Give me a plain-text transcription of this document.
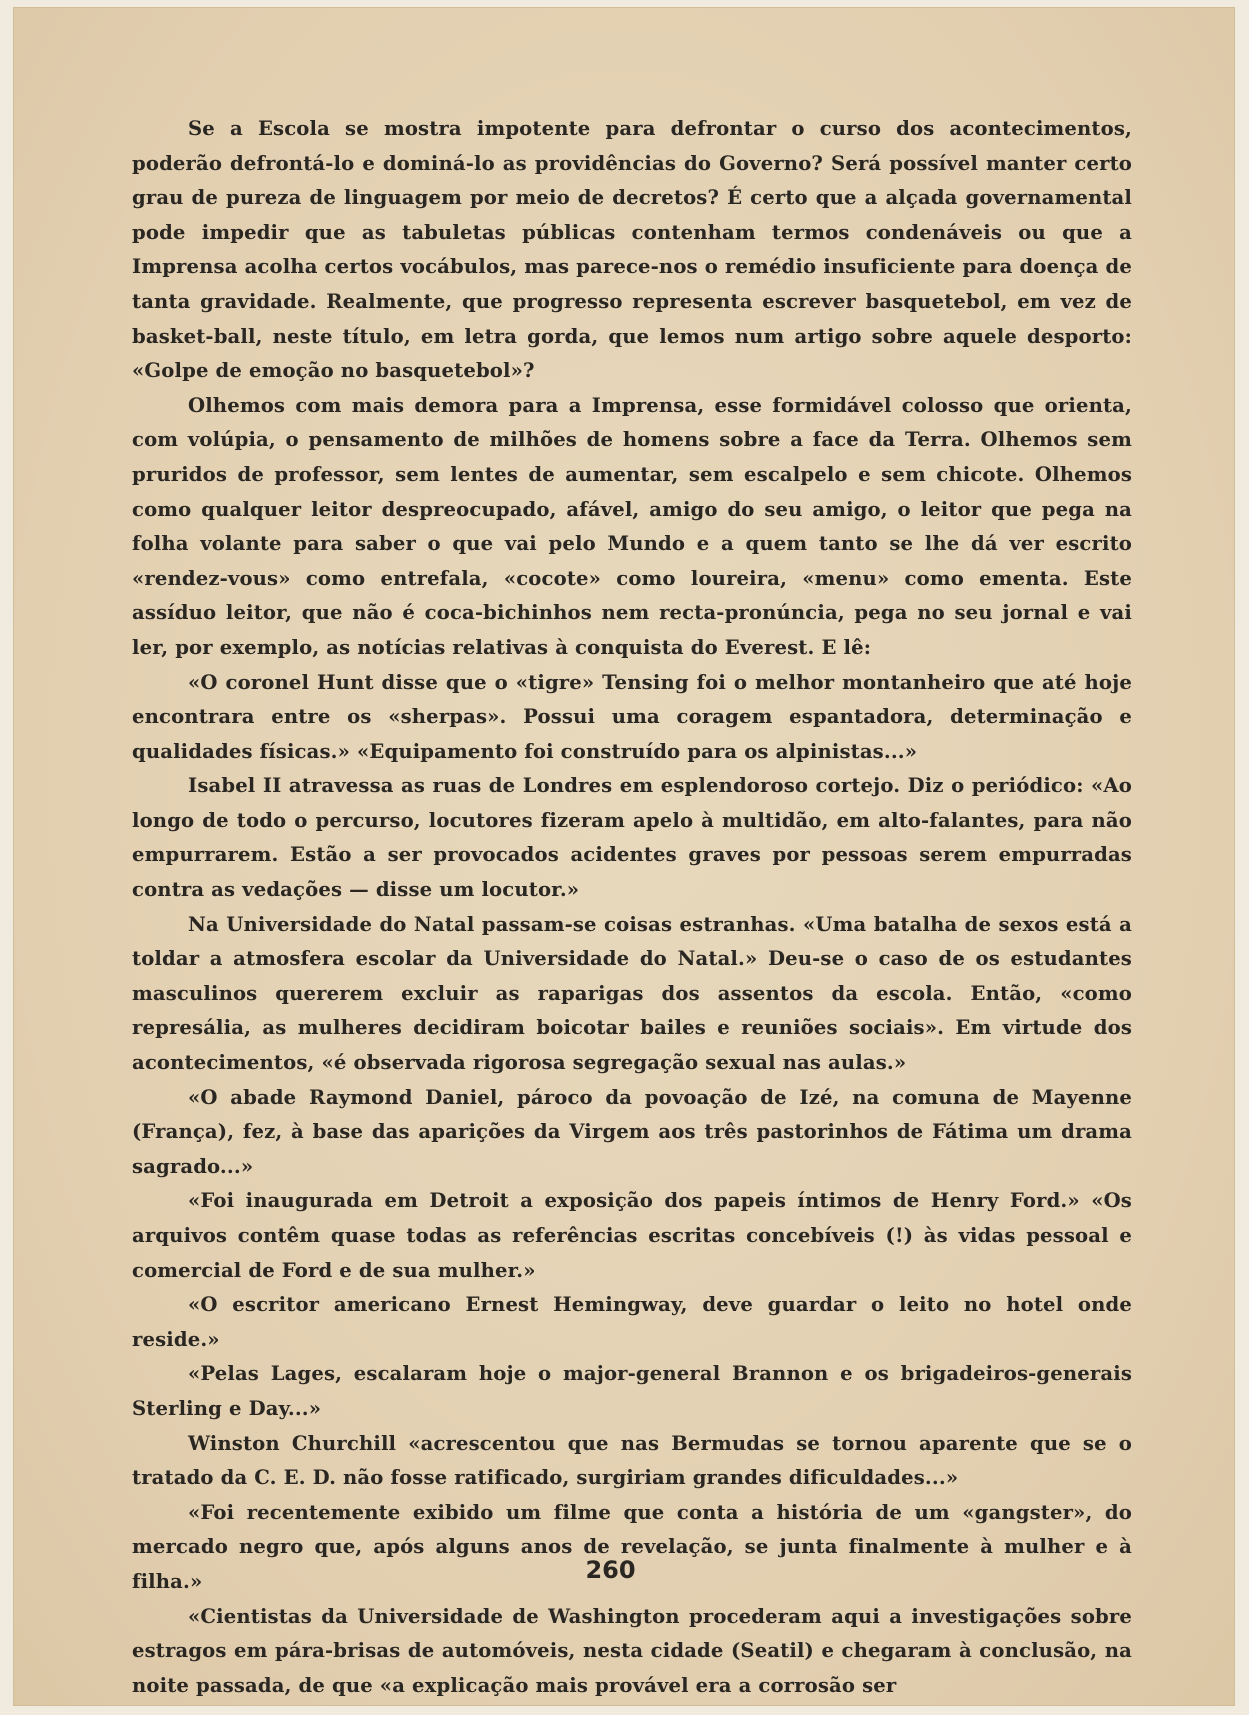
Se a Escola se mostra impotente para defrontar o curso dos acontecimentos, poderão defrontá-lo e dominá-lo as providências do Governo? Será possível manter certo grau de pureza de linguagem por meio de decretos? É certo que a alçada governamental pode impedir que as tabuletas públicas contenham termos condenáveis ou que a Imprensa acolha certos vocábulos, mas parece-nos o remédio insuficiente para doença de tanta gravidade. Realmente, que progresso representa escrever basquetebol, em vez de basket-ball, neste título, em letra gorda, que lemos num artigo sobre aquele desporto: «Golpe de emoção no basquetebol»?

Olhemos com mais demora para a Imprensa, esse formidável colosso que orienta, com volúpia, o pensamento de milhões de homens sobre a face da Terra. Olhemos sem pruridos de professor, sem lentes de aumentar, sem escalpelo e sem chicote. Olhemos como qualquer leitor despreocupado, afável, amigo do seu amigo, o leitor que pega na folha volante para saber o que vai pelo Mundo e a quem tanto se lhe dá ver escrito «rendez-vous» como entrefala, «cocote» como loureira, «menu» como ementa. Este assíduo leitor, que não é coca-bichinhos nem recta-pronúncia, pega no seu jornal e vai ler, por exemplo, as notícias relativas à conquista do Everest. E lê:

«O coronel Hunt disse que o «tigre» Tensing foi o melhor montanheiro que até hoje encontrara entre os «sherpas». Possui uma coragem espantadora, determinação e qualidades físicas.» «Equipamento foi construído para os alpinistas...»

Isabel II atravessa as ruas de Londres em esplendoroso cortejo. Diz o periódico: «Ao longo de todo o percurso, locutores fizeram apelo à multidão, em alto-falantes, para não empurrarem. Estão a ser provocados acidentes graves por pessoas serem empurradas contra as vedações — disse um locutor.»

Na Universidade do Natal passam-se coisas estranhas. «Uma batalha de sexos está a toldar a atmosfera escolar da Universidade do Natal.» Deu-se o caso de os estudantes masculinos quererem excluir as raparigas dos assentos da escola. Então, «como represália, as mulheres decidiram boicotar bailes e reuniões sociais». Em virtude dos acontecimentos, «é observada rigorosa segregação sexual nas aulas.»

«O abade Raymond Daniel, pároco da povoação de Izé, na comuna de Mayenne (França), fez, à base das aparições da Virgem aos três pastorinhos de Fátima um drama sagrado...»

«Foi inaugurada em Detroit a exposição dos papeis íntimos de Henry Ford.» «Os arquivos contêm quase todas as referências escritas concebíveis (!) às vidas pessoal e comercial de Ford e de sua mulher.»

«O escritor americano Ernest Hemingway, deve guardar o leito no hotel onde reside.»

«Pelas Lages, escalaram hoje o major-general Brannon e os brigadeiros-generais Sterling e Day...»

Winston Churchill «acrescentou que nas Bermudas se tornou aparente que se o tratado da C. E. D. não fosse ratificado, surgiriam grandes dificuldades...»

«Foi recentemente exibido um filme que conta a história de um «gangster», do mercado negro que, após alguns anos de revelação, se junta finalmente à mulher e à filha.»

«Cientistas da Universidade de Washington procederam aqui a investigações sobre estragos em pára-brisas de automóveis, nesta cidade (Seatil) e chegaram à conclusão, na noite passada, de que «a explicação mais provável era a corrosão ser

260
